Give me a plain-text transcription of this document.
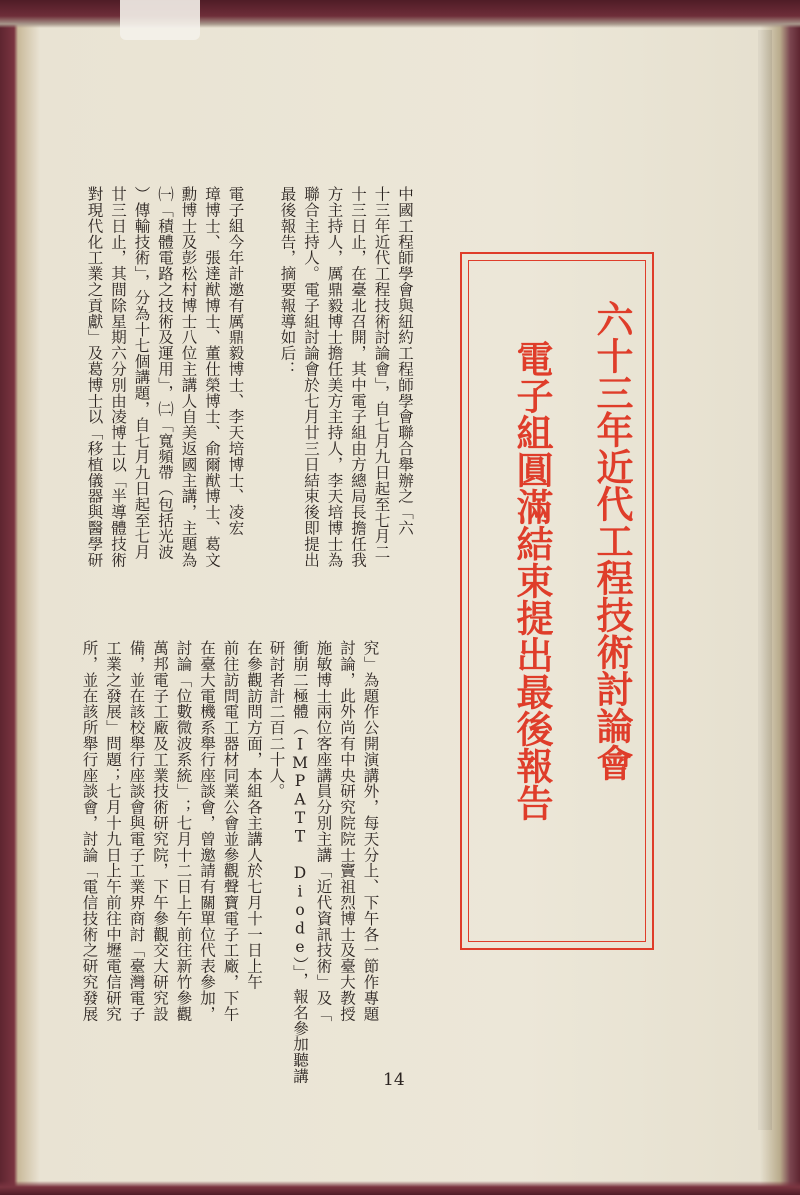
六十三年近代工程技術討論會
電子組圓滿結束提出最後報告
中國工程師學會與紐約工程師學會聯合舉辦之「六
十三年近代工程技術討論會」，自七月九日起至七月二
十三日止，在臺北召開，其中電子組由方總局長擔任我
方主持人，厲鼎毅博士擔任美方主持人，李天培博士為
聯合主持人。電子組討論會於七月廿三日結束後即提出
最後報告，摘要報導如后：
電子組今年計邀有厲鼎毅博士、李天培博士、凌宏
璋博士、張達猷博士、董仕榮博士、俞爾猷博士、葛文
勳博士及彭松村博士八位主講人自美返國主講，主題為
㈠「積體電路之技術及運用」，㈡「寬頻帶（包括光波
）傳輸技術」，分為十七個講題，自七月九日起至七月
廿三日止，其間除星期六分別由凌博士以「半導體技術
對現代化工業之貢獻」及葛博士以「移植儀器與醫學研
究」為題作公開演講外，每天分上、下午各一節作專題
討論，此外尚有中央研究院院士竇祖烈博士及臺大教授
施敏博士兩位客座講員分別主講「近代資訊技術」及「
衝崩二極體（IMPATT Diode）」，報名參加聽講
研討者計二百二十人。
在參觀訪問方面，本組各主講人於七月十一日上午
前往訪問電工器材同業公會並參觀聲寶電子工廠，下午
在臺大電機系舉行座談會，曾邀請有關單位代表參加，
討論「位數微波系統」；七月十二日上午前往新竹參觀
萬邦電子工廠及工業技術研究院，下午參觀交大研究設
備，並在該校舉行座談會與電子工業界商討「臺灣電子
工業之發展」問題；七月十九日上午前往中壢電信研究
所，並在該所舉行座談會，討論「電信技術之研究發展
14
